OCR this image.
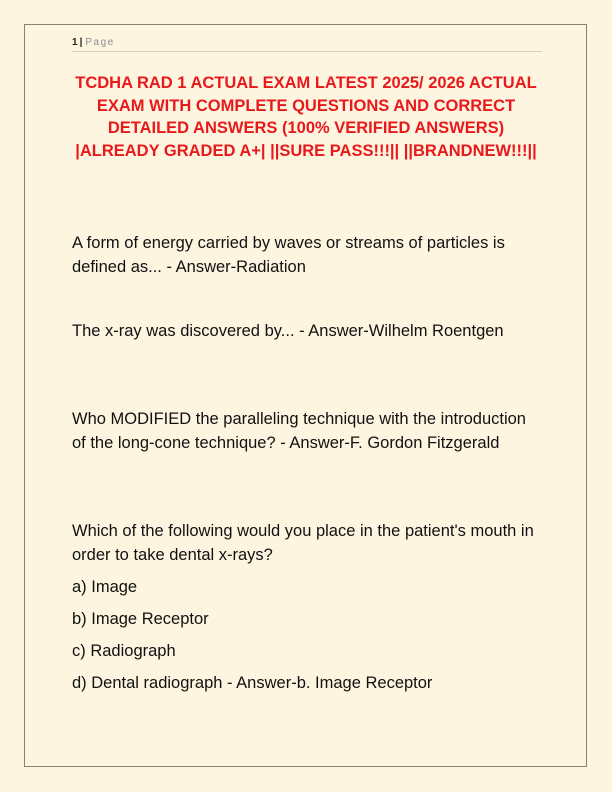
1 | Page
TCDHA RAD 1 ACTUAL EXAM LATEST 2025/ 2026 ACTUAL EXAM WITH COMPLETE QUESTIONS AND CORRECT DETAILED ANSWERS (100% VERIFIED ANSWERS) |ALREADY GRADED A+| ||SURE PASS!!!|| ||BRANDNEW!!!||

A form of energy carried by waves or streams of particles is defined as... - Answer-Radiation

The x-ray was discovered by... - Answer-Wilhelm Roentgen

Who MODIFIED the paralleling technique with the introduction of the long-cone technique? - Answer-F. Gordon Fitzgerald

Which of the following would you place in the patient's mouth in order to take dental x-rays?

a) Image

b) Image Receptor

c) Radiograph

d) Dental radiograph - Answer-b. Image Receptor
